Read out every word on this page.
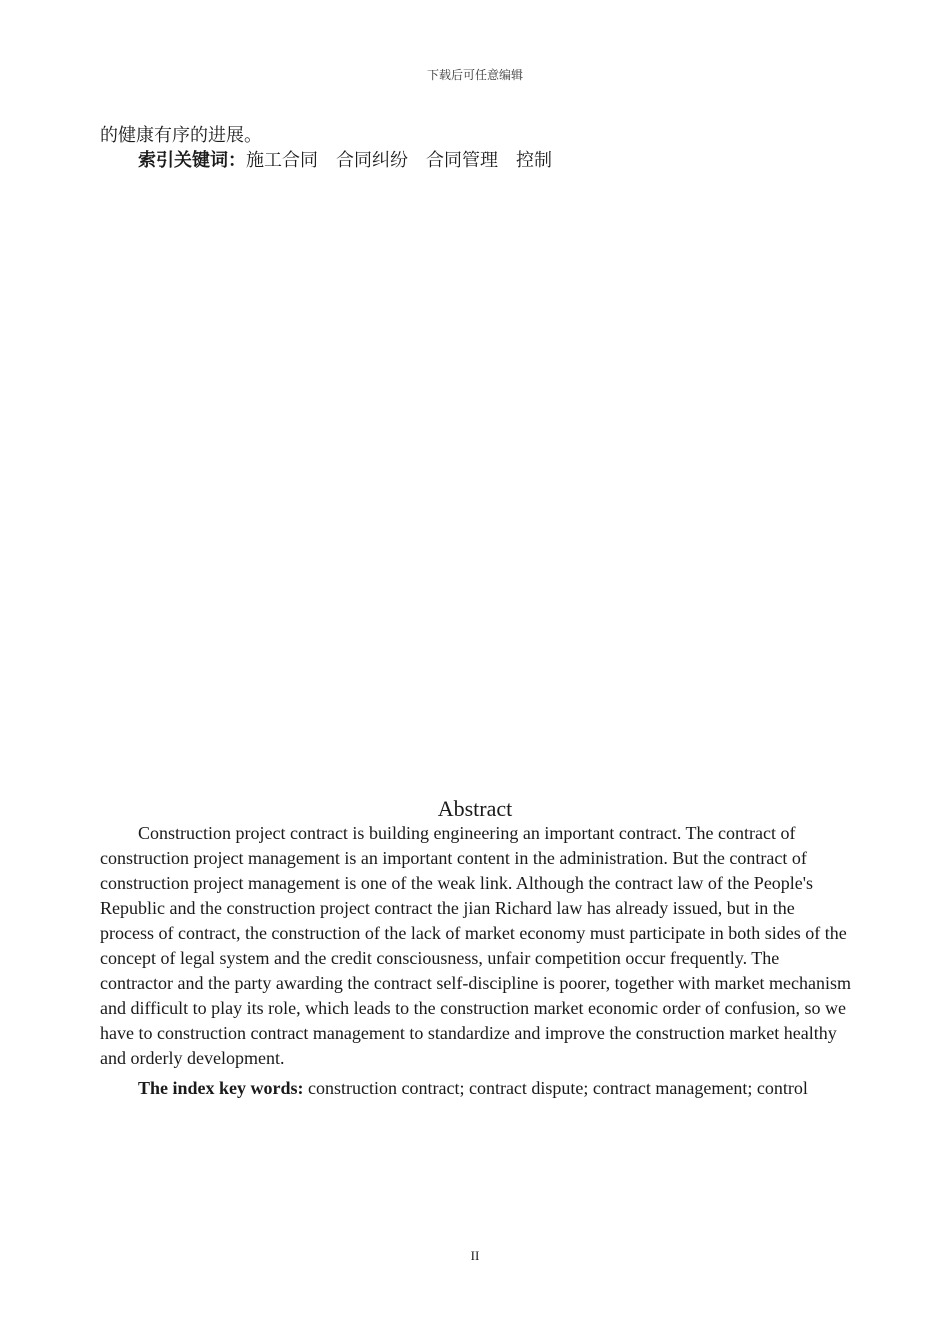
下载后可任意编辑
的健康有序的进展。
索引关键词：施工合同 合同纠纷 合同管理 控制
Abstract

Construction project contract is building engineering an important contract. The contract of construction project management is an important content in the administration. But the contract of construction project management is one of the weak link. Although the contract law of the People's Republic and the construction project contract the jian Richard law has already issued, but in the process of contract, the construction of the lack of market economy must participate in both sides of the concept of legal system and the credit consciousness, unfair competition occur frequently. The contractor and the party awarding the contract self-discipline is poorer, together with market mechanism and difficult to play its role, which leads to the construction market economic order of confusion, so we have to construction contract management to standardize and improve the construction market healthy and orderly development.

The index key words: construction contract; contract dispute; contract management; control

II
